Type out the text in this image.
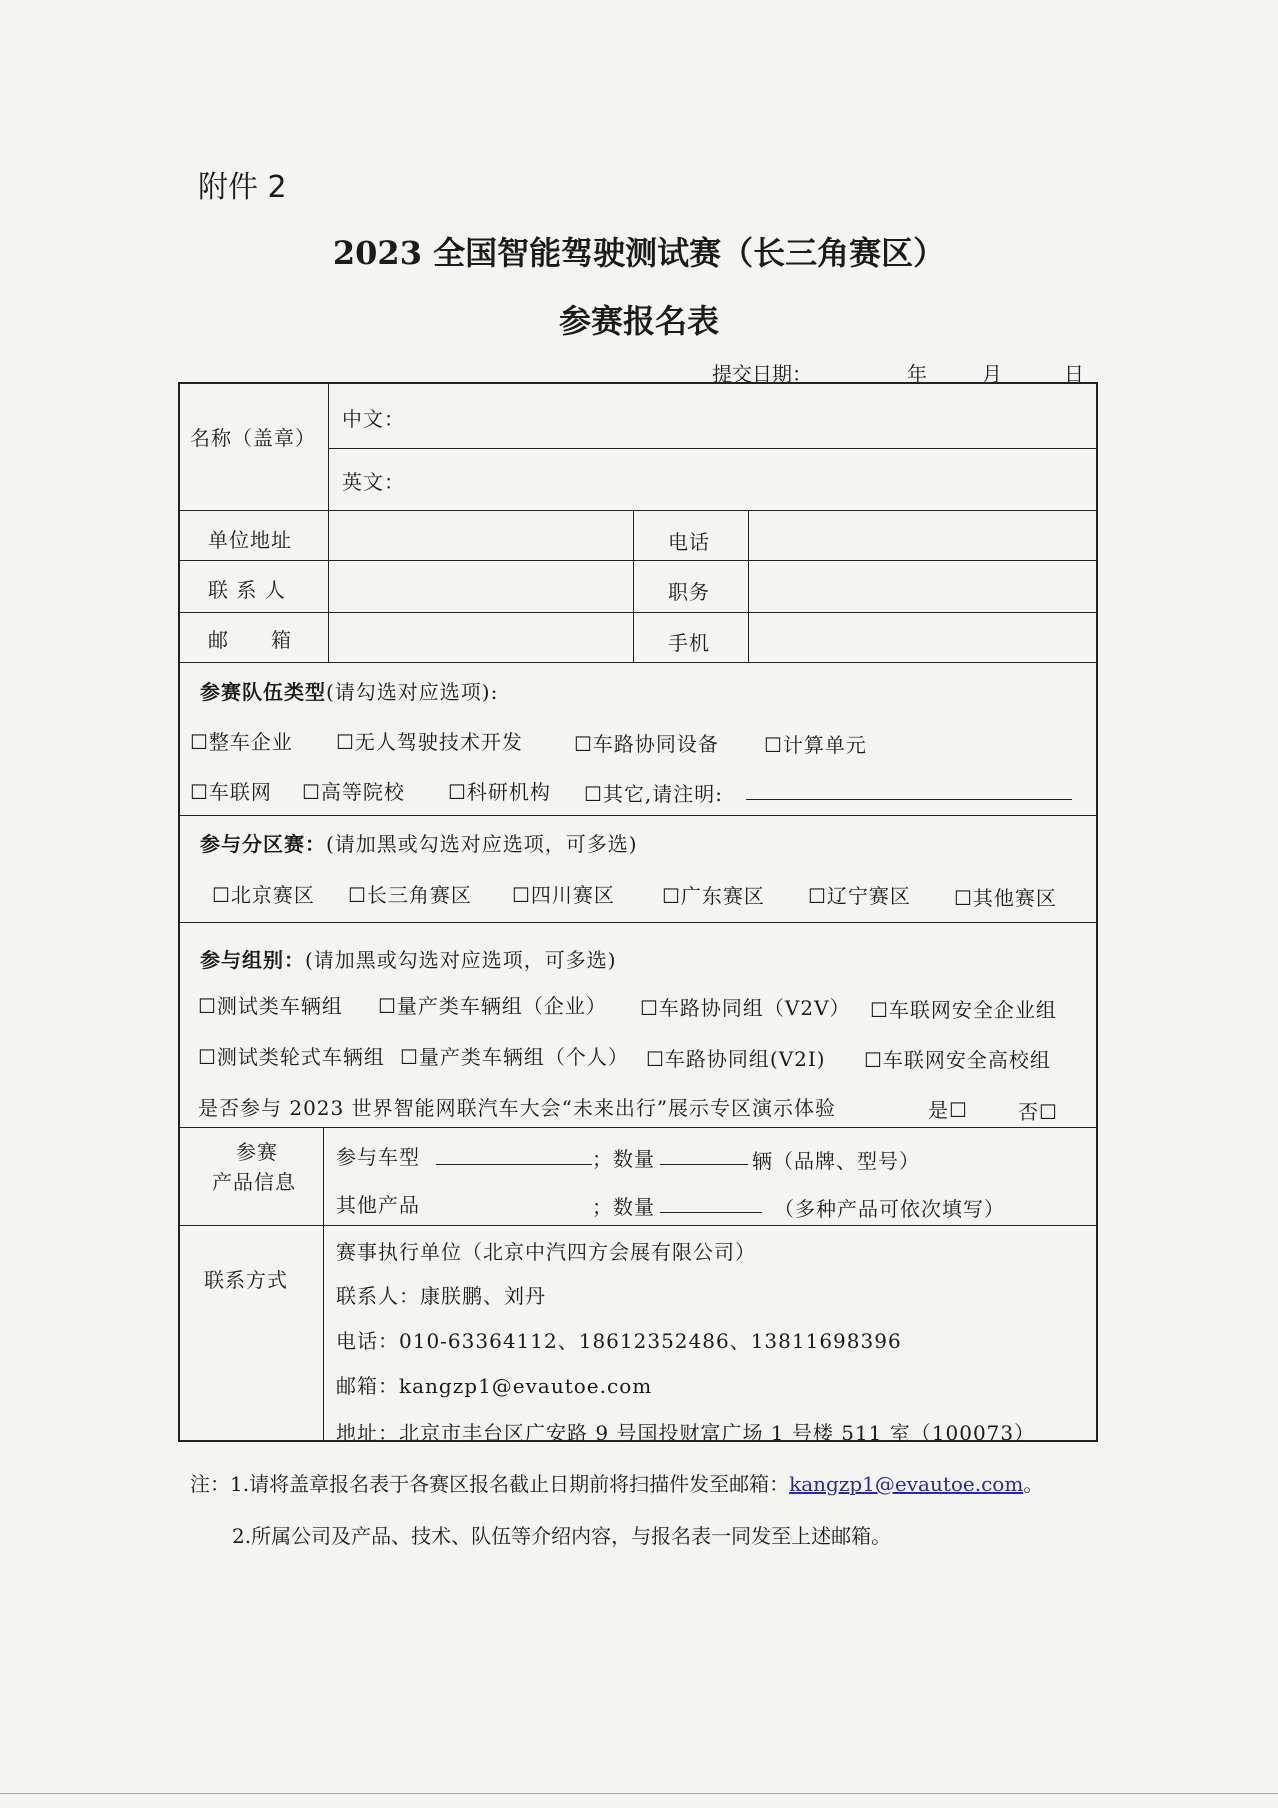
附件 2
2023 全国智能驾驶测试赛（长三角赛区）
参赛报名表
提交日期：	年	月	日
名称（盖章）
中文：
英文：
单位地址	电话
联 系 人	职务
邮　　箱	手机
参赛队伍类型(请勾选对应选项):
☐整车企业 ☐无人驾驶技术开发	☐车路协同设备 ☐计算单元
☐车联网 ☐高等院校 ☐科研机构 ☐其它,请注明:
参与分区赛：(请加黑或勾选对应选项，可多选)
☐北京赛区 ☐长三角赛区 ☐四川赛区 ☐广东赛区 ☐辽宁赛区 ☐其他赛区
参与组别：(请加黑或勾选对应选项，可多选)
☐测试类车辆组 ☐量产类车辆组（企业） ☐车路协同组（V2V） ☐车联网安全企业组
☐测试类轮式车辆组 ☐量产类车辆组（个人） ☐车路协同组(V2I) ☐车联网安全高校组
是否参与 2023 世界智能网联汽车大会“未来出行”展示专区演示体验	是☐	否☐
参赛
产品信息
参与车型	；数量	辆（品牌、型号）
其他产品	；数量	（多种产品可依次填写）
联系方式
赛事执行单位（北京中汽四方会展有限公司）
联系人：康朕鹏、刘丹
电话：010-63364112、18612352486、13811698396
邮箱：kangzp1@evautoe.com
地址：北京市丰台区广安路 9 号国投财富广场 1 号楼 511 室（100073）
注：1.请将盖章报名表于各赛区报名截止日期前将扫描件发至邮箱：kangzp1@evautoe.com。
2.所属公司及产品、技术、队伍等介绍内容，与报名表一同发至上述邮箱。
